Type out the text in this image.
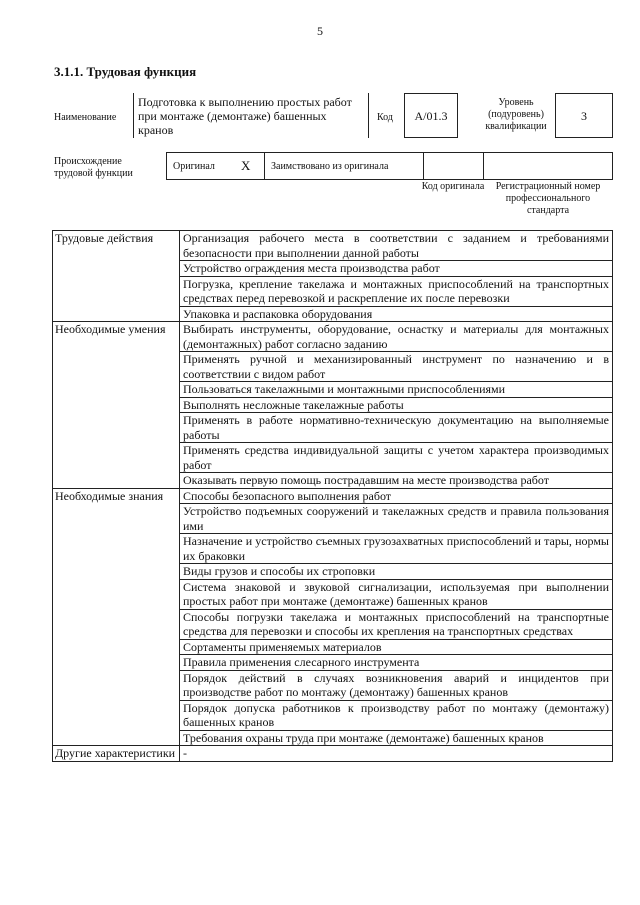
5
3.1.1. Трудовая функция
Наименование
Подготовка к выполнению простых работ при монтаже (демонтаже) башенных кранов
Код	А/01.3
Уровень (подуровень) квалификации
3
Происхождение трудовой функции
Оригинал Х Заимствовано из оригинала
Код оригинала	Регистрационный номер профессионального стандарта
Трудовые действия	Организация рабочего места в соответствии с заданием и требованиями безопасности при выполнении данной работы
	Устройство ограждения места производства работ
	Погрузка, крепление такелажа и монтажных приспособлений на транспортных средствах перед перевозкой и раскрепление их после перевозки
	Упаковка и распаковка оборудования
Необходимые умения	Выбирать инструменты, оборудование, оснастку и материалы для монтажных (демонтажных) работ согласно заданию
	Применять ручной и механизированный инструмент по назначению и в соответствии с видом работ
	Пользоваться такелажными и монтажными приспособлениями
	Выполнять несложные такелажные работы
	Применять в работе нормативно-техническую документацию на выполняемые работы
	Применять средства индивидуальной защиты с учетом характера производимых работ
	Оказывать первую помощь пострадавшим на месте производства работ
Необходимые знания	Способы безопасного выполнения работ
	Устройство подъемных сооружений и такелажных средств и правила пользования ими
	Назначение и устройство съемных грузозахватных приспособлений и тары, нормы их браковки
	Виды грузов и способы их строповки
	Система знаковой и звуковой сигнализации, используемая при выполнении простых работ при монтаже (демонтаже) башенных кранов
	Способы погрузки такелажа и монтажных приспособлений на транспортные средства для перевозки и способы их крепления на транспортных средствах
	Сортаменты применяемых материалов
	Правила применения слесарного инструмента
	Порядок действий в случаях возникновения аварий и инцидентов при производстве работ по монтажу (демонтажу) башенных кранов
	Порядок допуска работников к производству работ по монтажу (демонтажу) башенных кранов
	Требования охраны труда при монтаже (демонтаже) башенных кранов
Другие характеристики	-
